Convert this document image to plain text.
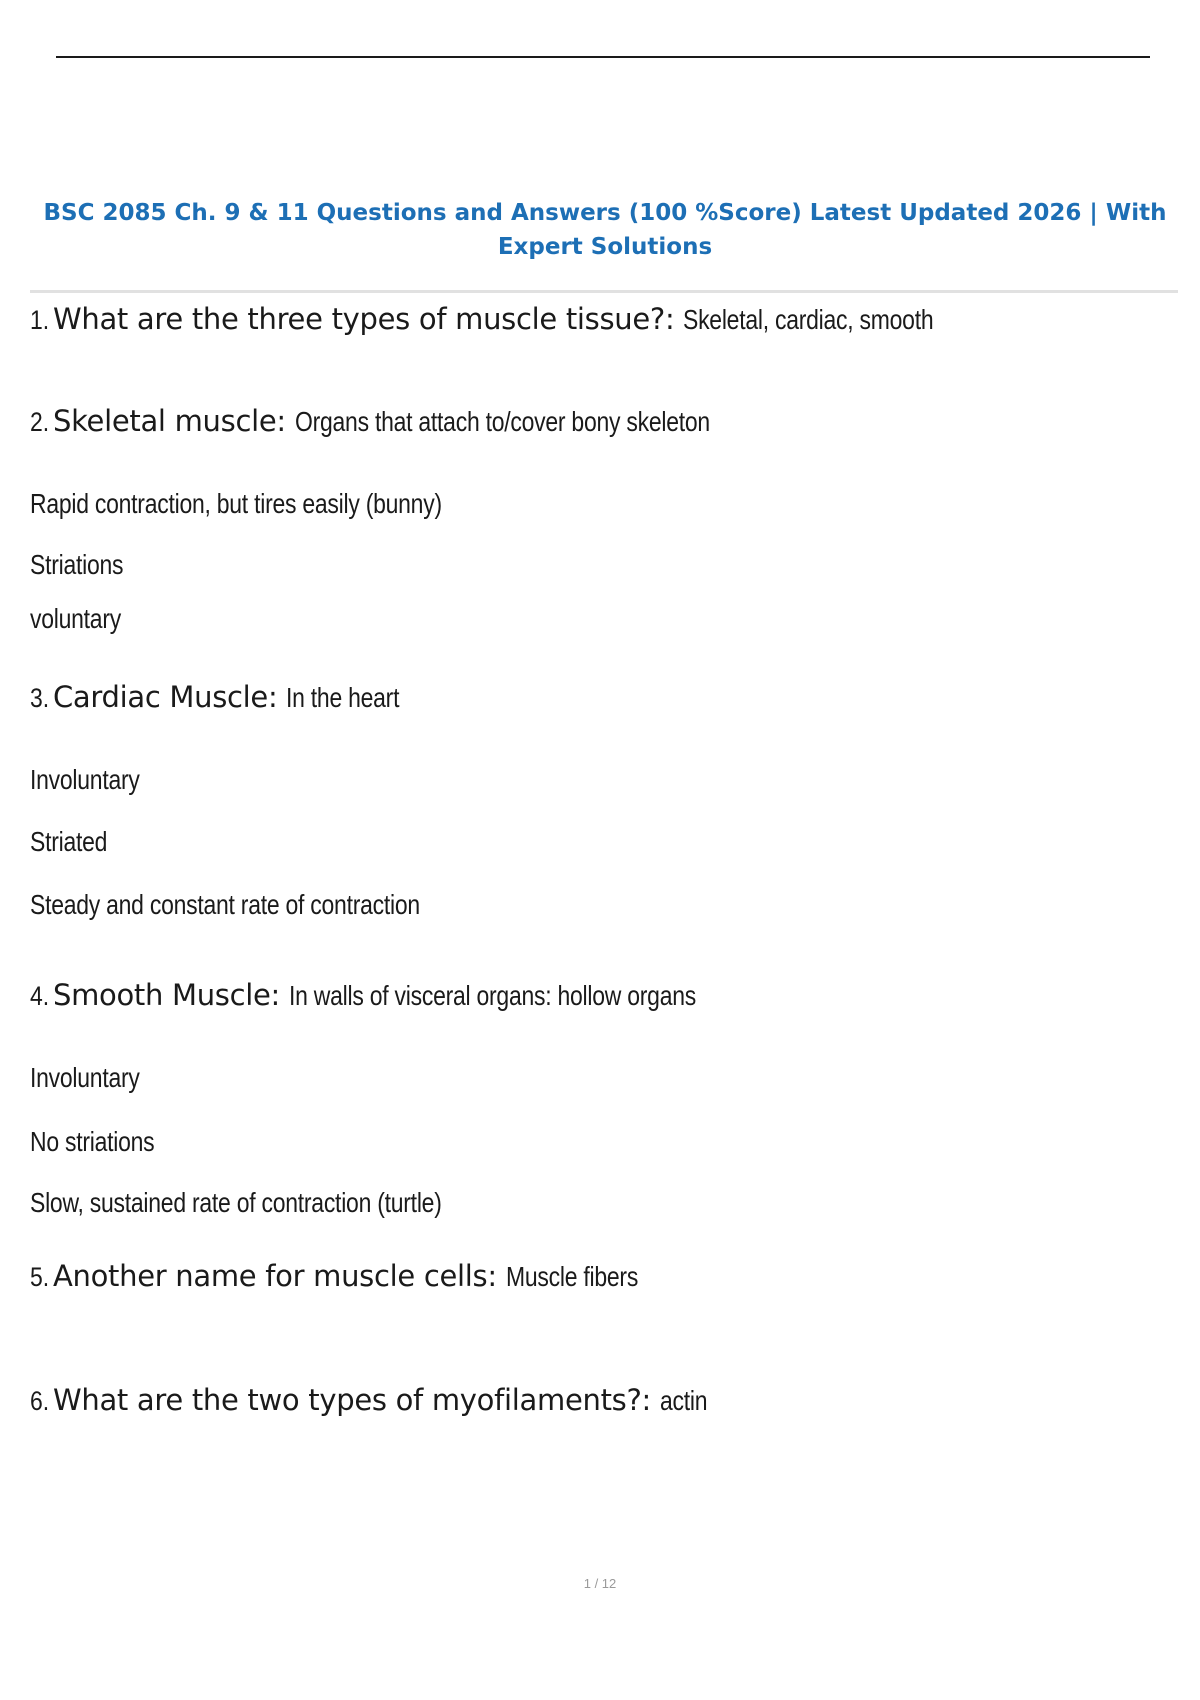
BSC 2085 Ch. 9 & 11 Questions and Answers (100 %Score) Latest Updated 2026 | With Expert Solutions
1. What are the three types of muscle tissue?: Skeletal, cardiac, smooth
2. Skeletal muscle: Organs that attach to/cover bony skeleton
Rapid contraction, but tires easily (bunny)
Striations
voluntary
3. Cardiac Muscle: In the heart
Involuntary
Striated
Steady and constant rate of contraction
4. Smooth Muscle: In walls of visceral organs: hollow organs
Involuntary
No striations
Slow, sustained rate of contraction (turtle)
5. Another name for muscle cells: Muscle fibers
6. What are the two types of myofilaments?: actin
1 / 12
